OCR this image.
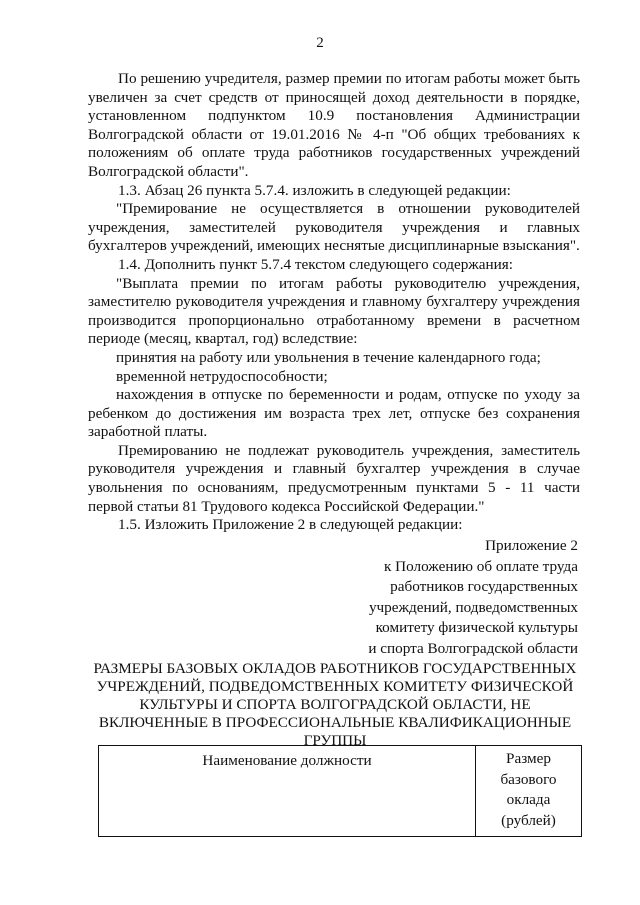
2

По решению учредителя, размер премии по итогам работы может быть увеличен за счет средств от приносящей доход деятельности в порядке, установленном подпунктом 10.9 постановления Администрации Волгоградской области от 19.01.2016 № 4-п "Об общих требованиях к положениям об оплате труда работников государственных учреждений Волгоградской области".

1.3. Абзац 26 пункта 5.7.4. изложить в следующей редакции:

"Премирование не осуществляется в отношении руководителей учреждения, заместителей руководителя учреждения и главных бухгалтеров учреждений, имеющих неснятые дисциплинарные взыскания".

1.4. Дополнить пункт 5.7.4 текстом следующего содержания:

"Выплата премии по итогам работы руководителю учреждения, заместителю руководителя учреждения и главному бухгалтеру учреждения производится пропорционально отработанному времени в расчетном периоде (месяц, квартал, год) вследствие:

принятия на работу или увольнения в течение календарного года;

временной нетрудоспособности;

нахождения в отпуске по беременности и родам, отпуске по уходу за ребенком до достижения им возраста трех лет, отпуске без сохранения заработной платы.

Премированию не подлежат руководитель учреждения, заместитель руководителя учреждения и главный бухгалтер учреждения в случае увольнения по основаниям, предусмотренным пунктами 5 - 11 части первой статьи 81 Трудового кодекса Российской Федерации."

1.5. Изложить Приложение 2 в следующей редакции:

Приложение 2
к Положению об оплате труда
работников государственных
учреждений, подведомственных
комитету физической культуры
и спорта Волгоградской области
РАЗМЕРЫ БАЗОВЫХ ОКЛАДОВ РАБОТНИКОВ ГОСУДАРСТВЕННЫХ
УЧРЕЖДЕНИЙ, ПОДВЕДОМСТВЕННЫХ КОМИТЕТУ ФИЗИЧЕСКОЙ
КУЛЬТУРЫ И СПОРТА ВОЛГОГРАДСКОЙ ОБЛАСТИ, НЕ
ВКЛЮЧЕННЫЕ В ПРОФЕССИОНАЛЬНЫЕ КВАЛИФИКАЦИОННЫЕ
ГРУППЫ
Наименование должности	Размер
базового
оклада
(рублей)
